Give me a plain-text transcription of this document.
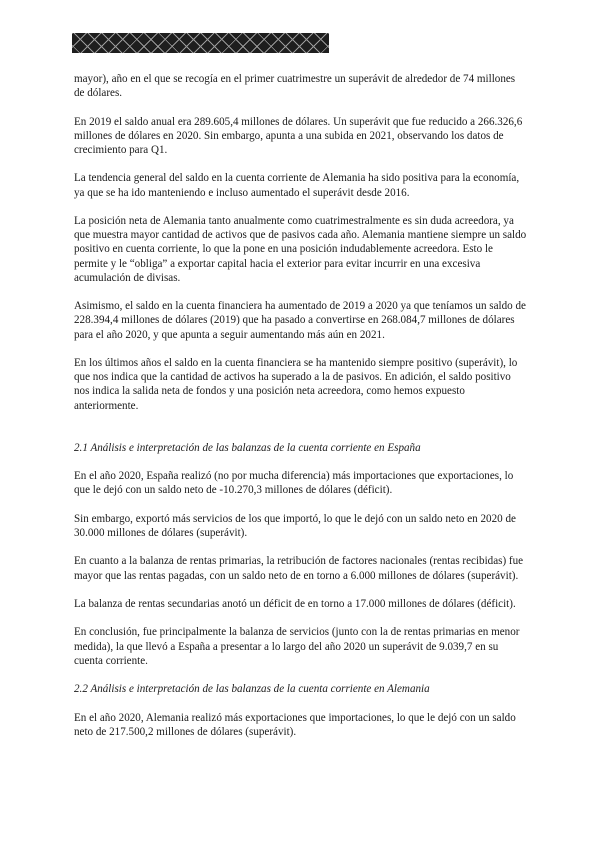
mayor), año en el que se recogía en el primer cuatrimestre un superávit de alrededor de 74 millones de dólares.

En 2019 el saldo anual era 289.605,4 millones de dólares. Un superávit que fue reducido a 266.326,6 millones de dólares en 2020. Sin embargo, apunta a una subida en 2021, observando los datos de crecimiento para Q1.

La tendencia general del saldo en la cuenta corriente de Alemania ha sido positiva para la economía, ya que se ha ido manteniendo e incluso aumentado el superávit desde 2016.

La posición neta de Alemania tanto anualmente como cuatrimestralmente es sin duda acreedora, ya que muestra mayor cantidad de activos que de pasivos cada año. Alemania mantiene siempre un saldo positivo en cuenta corriente, lo que la pone en una posición indudablemente acreedora. Esto le permite y le “obliga” a exportar capital hacia el exterior para evitar incurrir en una excesiva acumulación de divisas.

Asimismo, el saldo en la cuenta financiera ha aumentado de 2019 a 2020 ya que teníamos un saldo de 228.394,4 millones de dólares (2019) que ha pasado a convertirse en 268.084,7 millones de dólares para el año 2020, y que apunta a seguir aumentando más aún en 2021.

En los últimos años el saldo en la cuenta financiera se ha mantenido siempre positivo (superávit), lo que nos indica que la cantidad de activos ha superado a la de pasivos. En adición, el saldo positivo nos indica la salida neta de fondos y una posición neta acreedora, como hemos expuesto anteriormente.

2.1 Análisis e interpretación de las balanzas de la cuenta corriente en España

En el año 2020, España realizó (no por mucha diferencia) más importaciones que exportaciones, lo que le dejó con un saldo neto de -10.270,3 millones de dólares (déficit).

Sin embargo, exportó más servicios de los que importó, lo que le dejó con un saldo neto en 2020 de 30.000 millones de dólares (superávit).

En cuanto a la balanza de rentas primarias, la retribución de factores nacionales (rentas recibidas) fue mayor que las rentas pagadas, con un saldo neto de en torno a 6.000 millones de dólares (superávit).

La balanza de rentas secundarias anotó un déficit de en torno a 17.000 millones de dólares (déficit).

En conclusión, fue principalmente la balanza de servicios (junto con la de rentas primarias en menor medida), la que llevó a España a presentar a lo largo del año 2020 un superávit de 9.039,7 en su cuenta corriente.

2.2 Análisis e interpretación de las balanzas de la cuenta corriente en Alemania

En el año 2020, Alemania realizó más exportaciones que importaciones, lo que le dejó con un saldo neto de 217.500,2 millones de dólares (superávit).
